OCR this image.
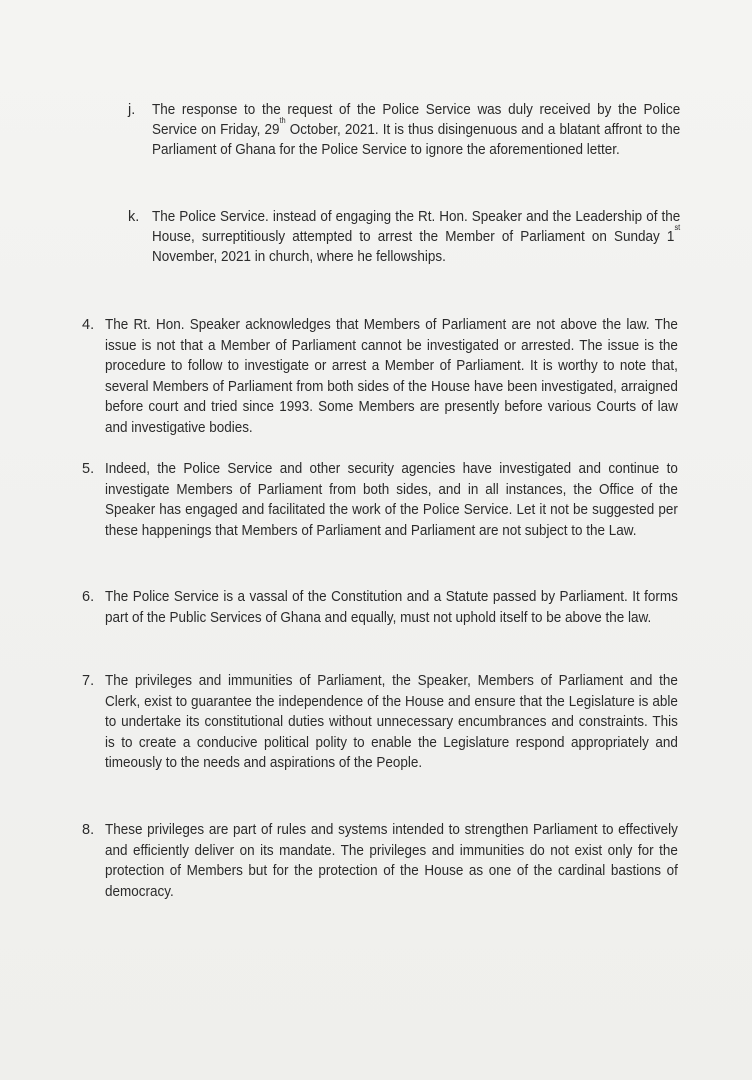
j. The response to the request of the Police Service was duly received by the Police Service on Friday, 29th October, 2021. It is thus disingenuous and a blatant affront to the Parliament of Ghana for the Police Service to ignore the aforementioned letter.
k. The Police Service. instead of engaging the Rt. Hon. Speaker and the Leadership of the House, surreptitiously attempted to arrest the Member of Parliament on Sunday 1st November, 2021 in church, where he fellowships.
4. The Rt. Hon. Speaker acknowledges that Members of Parliament are not above the law. The issue is not that a Member of Parliament cannot be investigated or arrested. The issue is the procedure to follow to investigate or arrest a Member of Parliament. It is worthy to note that, several Members of Parliament from both sides of the House have been investigated, arraigned before court and tried since 1993. Some Members are presently before various Courts of law and investigative bodies.
5. Indeed, the Police Service and other security agencies have investigated and continue to investigate Members of Parliament from both sides, and in all instances, the Office of the Speaker has engaged and facilitated the work of the Police Service. Let it not be suggested per these happenings that Members of Parliament and Parliament are not subject to the Law.
6. The Police Service is a vassal of the Constitution and a Statute passed by Parliament. It forms part of the Public Services of Ghana and equally, must not uphold itself to be above the law.
7. The privileges and immunities of Parliament, the Speaker, Members of Parliament and the Clerk, exist to guarantee the independence of the House and ensure that the Legislature is able to undertake its constitutional duties without unnecessary encumbrances and constraints. This is to create a conducive political polity to enable the Legislature respond appropriately and timeously to the needs and aspirations of the People.
8. These privileges are part of rules and systems intended to strengthen Parliament to effectively and efficiently deliver on its mandate. The privileges and immunities do not exist only for the protection of Members but for the protection of the House as one of the cardinal bastions of democracy.
